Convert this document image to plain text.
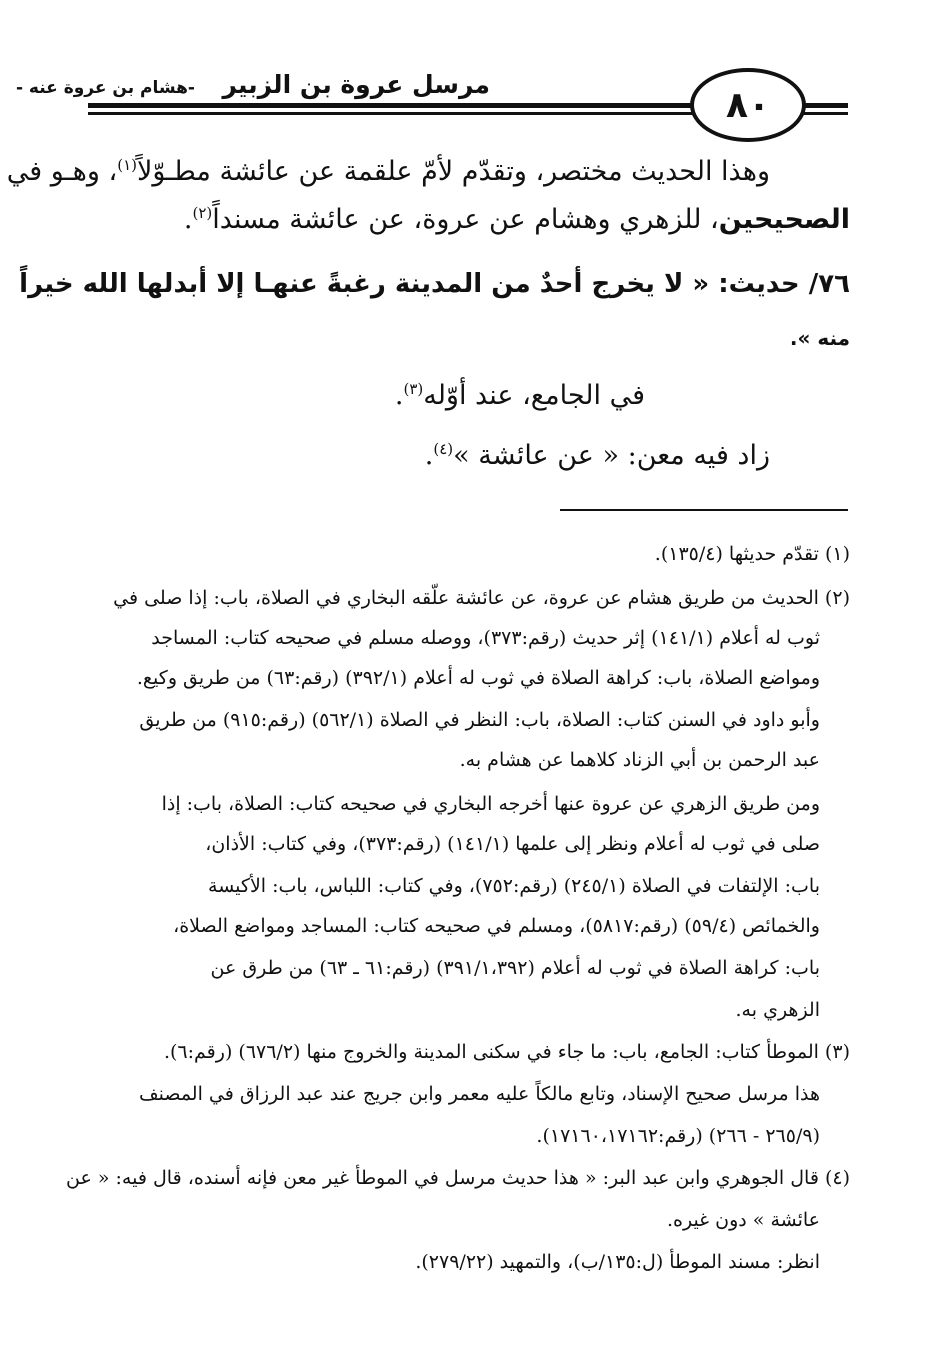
مرسل عروة بن الزبير
-هشام بن عروة عنه -	٨٠
وهذا الحديث مختصر، وتقدّم لأمّ علقمة عن عائشة مطـوّلاً$^{(١)}$، وهـو في
الصحيحين، للزهري وهشام عن عروة، عن عائشة مسنداً$^{(٢)}$.
٧٦/ حديث: « لا يخرج أحدٌ من المدينة رغبةً عنهـا إلا أبدلها الله خيراً
منه ».
في الجامع، عند أوّله$^{(٣)}$.
زاد فيه معن: « عن عائشة »$^{(٤)}$.
(١) تقدّم حديثها (١٣٥/٤).
(٢) الحديث من طريق هشام عن عروة، عن عائشة علّقه البخاري في الصلاة، باب: إذا صلى في
ثوب له أعلام (١٤١/١) إثر حديث (رقم:٣٧٣)، ووصله مسلم في صحيحه كتاب: المساجد
ومواضع الصلاة، باب: كراهة الصلاة في ثوب له أعلام (٣٩٢/١) (رقم:٦٣) من طريق وكيع.
وأبو داود في السنن كتاب: الصلاة، باب: النظر في الصلاة (٥٦٢/١) (رقم:٩١٥) من طريق
عبد الرحمن بن أبي الزناد كلاهما عن هشام به.
ومن طريق الزهري عن عروة عنها أخرجه البخاري في صحيحه كتاب: الصلاة، باب: إذا
صلى في ثوب له أعلام ونظر إلى علمها (١٤١/١) (رقم:٣٧٣)، وفي كتاب: الأذان،
باب: الإلتفات في الصلاة (٢٤٥/١) (رقم:٧٥٢)، وفي كتاب: اللباس، باب: الأكيسة
والخمائص (٥٩/٤) (رقم:٥٨١٧)، ومسلم في صحيحه كتاب: المساجد ومواضع الصلاة،
باب: كراهة الصلاة في ثوب له أعلام (٣٩١/١،٣٩٢) (رقم:٦١ ـ ٦٣) من طرق عن
الزهري به.
(٣) الموطأ كتاب: الجامع، باب: ما جاء في سكنى المدينة والخروج منها (٦٧٦/٢) (رقم:٦).
هذا مرسل صحيح الإسناد، وتابع مالكاً عليه معمر وابن جريج عند عبد الرزاق في المصنف
(٢٦٥/٩ - ٢٦٦) (رقم:١٧١٦٠،١٧١٦٢).
(٤) قال الجوهري وابن عبد البر: « هذا حديث مرسل في الموطأ غير معن فإنه أسنده، قال فيه: « عن
عائشة » دون غيره.
انظر: مسند الموطأ (ل:١٣٥/ب)، والتمهيد (٢٧٩/٢٢).
